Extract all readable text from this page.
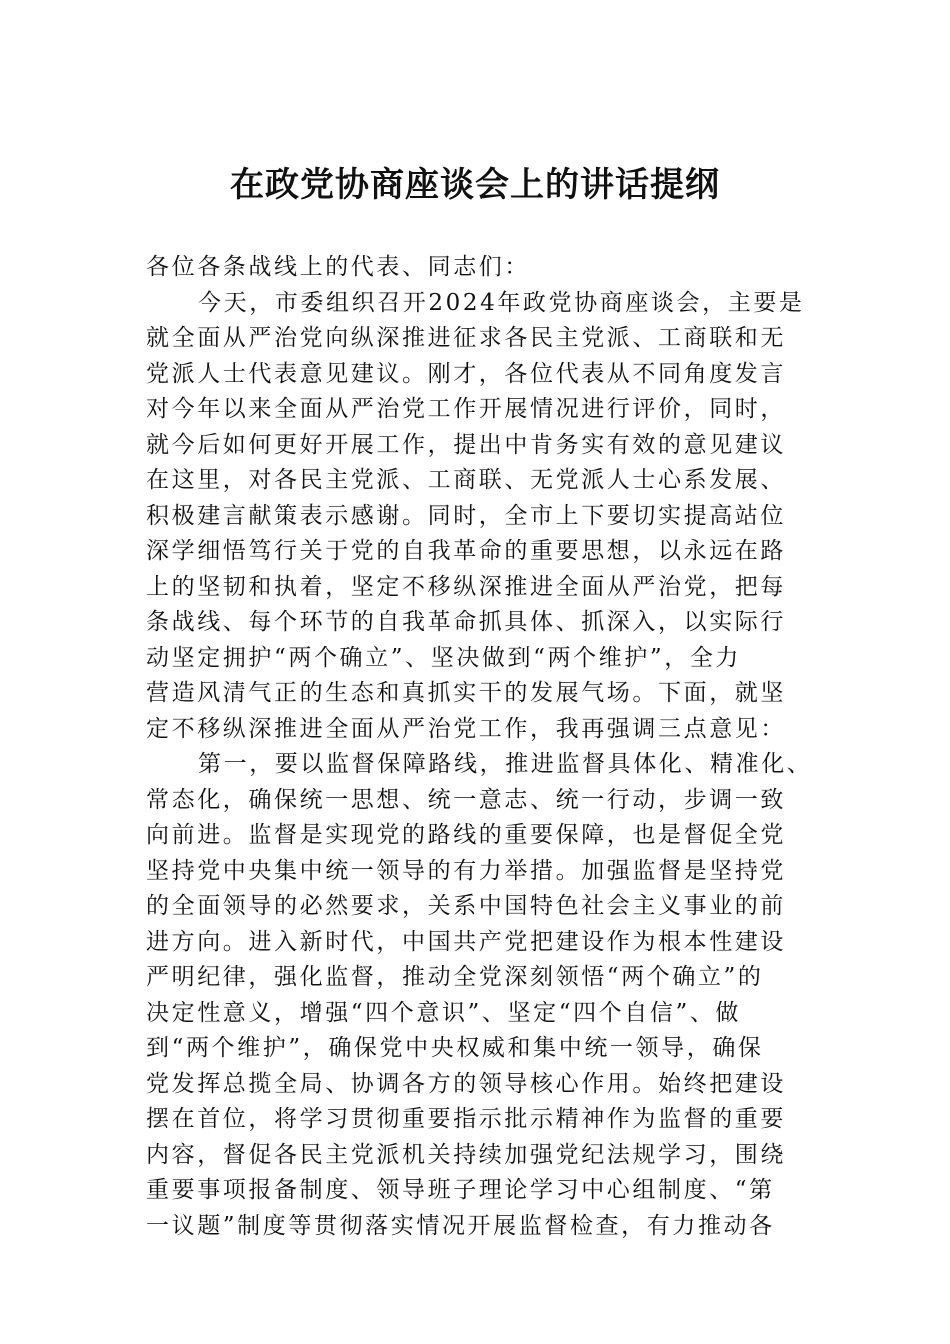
在政党协商座谈会上的讲话提纲
各位各条战线上的代表、同志们：
今天，市委组织召开2024年政党协商座谈会，主要是
就全面从严治党向纵深推进征求各民主党派、工商联和无
党派人士代表意见建议。刚才，各位代表从不同角度发言
对今年以来全面从严治党工作开展情况进行评价，同时，
就今后如何更好开展工作，提出中肯务实有效的意见建议
在这里，对各民主党派、工商联、无党派人士心系发展、
积极建言献策表示感谢。同时，全市上下要切实提高站位
深学细悟笃行关于党的自我革命的重要思想，以永远在路
上的坚韧和执着，坚定不移纵深推进全面从严治党，把每
条战线、每个环节的自我革命抓具体、抓深入，以实际行
动坚定拥护“两个确立”、坚决做到“两个维护”，全力
营造风清气正的生态和真抓实干的发展气场。下面，就坚
定不移纵深推进全面从严治党工作，我再强调三点意见：
第一，要以监督保障路线，推进监督具体化、精准化、
常态化，确保统一思想、统一意志、统一行动，步调一致
向前进。监督是实现党的路线的重要保障，也是督促全党
坚持党中央集中统一领导的有力举措。加强监督是坚持党
的全面领导的必然要求，关系中国特色社会主义事业的前
进方向。进入新时代，中国共产党把建设作为根本性建设
严明纪律，强化监督，推动全党深刻领悟“两个确立”的
决定性意义，增强“四个意识”、坚定“四个自信”、做
到“两个维护”，确保党中央权威和集中统一领导，确保
党发挥总揽全局、协调各方的领导核心作用。始终把建设
摆在首位，将学习贯彻重要指示批示精神作为监督的重要
内容，督促各民主党派机关持续加强党纪法规学习，围绕
重要事项报备制度、领导班子理论学习中心组制度、“第
一议题”制度等贯彻落实情况开展监督检查，有力推动各
